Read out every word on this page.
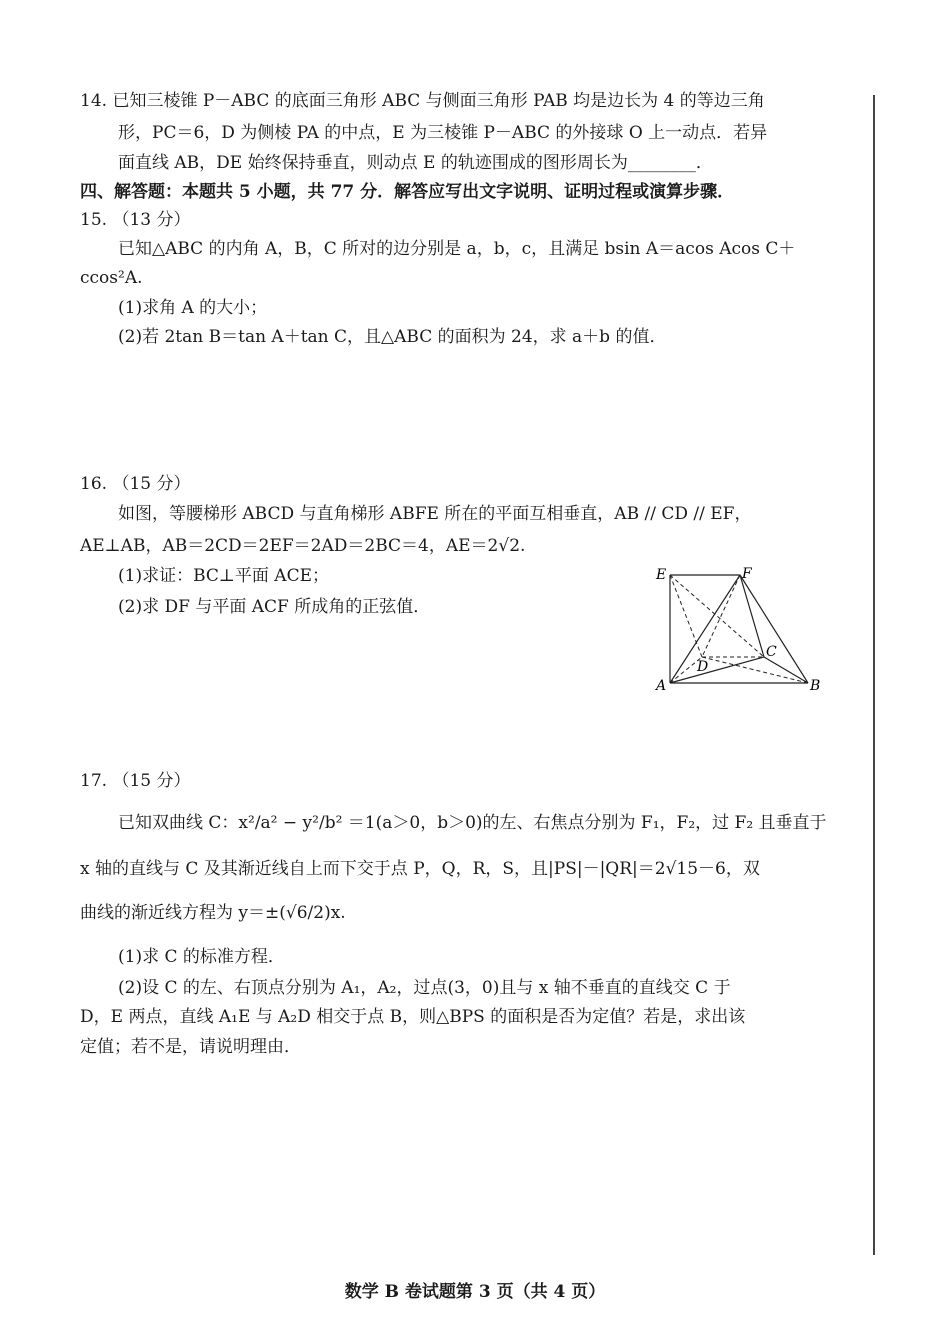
14. 已知三棱锥 P－ABC 的底面三角形 ABC 与侧面三角形 PAB 均是边长为 4 的等边三角
形，PC＝6，D 为侧棱 PA 的中点，E 为三棱锥 P－ABC 的外接球 O 上一动点．若异
面直线 AB，DE 始终保持垂直，则动点 E 的轨迹围成的图形周长为________．
四、解答题：本题共 5 小题，共 77 分．解答应写出文字说明、证明过程或演算步骤．
15. （13 分）
已知△ABC 的内角 A，B，C 所对的边分别是 a，b，c，且满足 bsin A＝acos Acos C＋
ccos²A.
(1)求角 A 的大小；
(2)若 2tan B＝tan A＋tan C，且△ABC 的面积为 24，求 a＋b 的值．
16. （15 分）
如图，等腰梯形 ABCD 与直角梯形 ABFE 所在的平面互相垂直，AB // CD // EF，
AE⊥AB，AB＝2CD＝2EF＝2AD＝2BC＝4，AE＝2√2.
(1)求证：BC⊥平面 ACE；
(2)求 DF 与平面 ACF 所成角的正弦值．
E	F
D
C
A	B
17. （15 分）
已知双曲线 C：x²/a² − y²/b² ＝1(a＞0，b＞0)的左、右焦点分别为 F₁，F₂，过 F₂ 且垂直于
x 轴的直线与 C 及其渐近线自上而下交于点 P，Q，R，S，且|PS|－|QR|＝2√15－6，双
曲线的渐近线方程为 y＝±(√6/2)x.
(1)求 C 的标准方程．
(2)设 C 的左、右顶点分别为 A₁，A₂，过点(3，0)且与 x 轴不垂直的直线交 C 于
D，E 两点，直线 A₁E 与 A₂D 相交于点 B，则△BPS 的面积是否为定值？若是，求出该
定值；若不是，请说明理由．
数学 B 卷试题第 3 页（共 4 页）
